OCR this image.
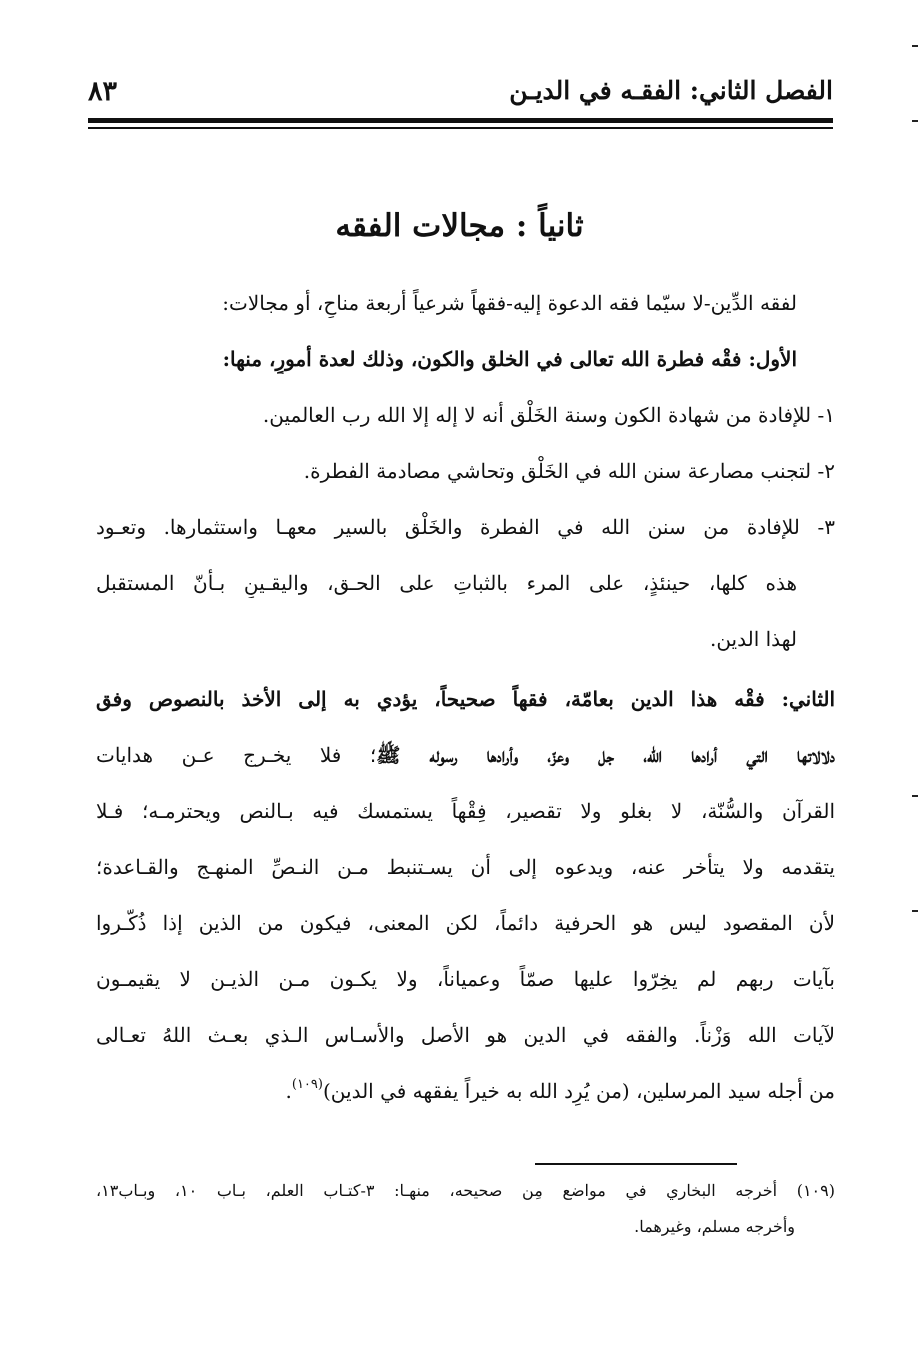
الفصل الثاني: الفقـه في الديـن
٨٣
ثانياً : مجالات الفقه

لفقه الدِّين-لا سيّما فقه الدعوة إليه-فقهاً شرعياً أربعة مناحٍ، أو مجالات:

الأول: فقْه فطرة الله تعالى في الخلق والكون، وذلك لعدة أمورٍ، منها:

١- للإفادة من شهادة الكون وسنة الخَلْق أنه لا إله إلا الله رب العالمين.

٢- لتجنب مصارعة سنن الله في الخَلْق وتحاشي مصادمة الفطرة.

٣- للإفادة من سنن الله في الفطرة والخَلْق بالسير معهـا واستثمارها. وتعـود

هذه كلها، حينئذٍ، على المرء بالثباتِ على الحـق، واليقـينِ بـأنّ المستقبل

لهذا الدين.

الثاني: فقْه هذا الدين بعامّة، فقهاً صحيحاً، يؤدي به إلى الأخذ بالنصوص وفق

دلالاتها التي أرادها الله، جل وعزّ، وأرادها رسوله ﷺ؛ فلا يخـرج عـن هدايات

القرآن والسُّنّة، لا بغلو ولا تقصير، فِقْهاً يستمسك فيه بـالنص ويحترمـه؛ فـلا

يتقدمه ولا يتأخر عنه، ويدعوه إلى أن يسـتنبط مـن النـصِّ المنهـج والقـاعدة؛

لأن المقصود ليس هو الحرفية دائماً، لكن المعنى، فيكون من الذين إذا ذُكّـروا

بآيات ربهم لم يخِرّوا عليها صمّاً وعمياناً، ولا يكـون مـن الذيـن لا يقيمـون

لآيات الله وَزْناً. والفقه في الدين هو الأصل والأسـاس الـذي بعـث اللهُ تعـالى

من أجله سيد المرسلين، (من يُرِد الله به خيراً يفقهه في الدين)$^{(١٠٩)}$.

(١٠٩) أخرجه البخاري في مواضع مِن صحيحه، منهـا: ٣-كتـاب العلم، بـاب ١٠، وبـاب١٣،

وأخرجه مسلم، وغيرهما.
